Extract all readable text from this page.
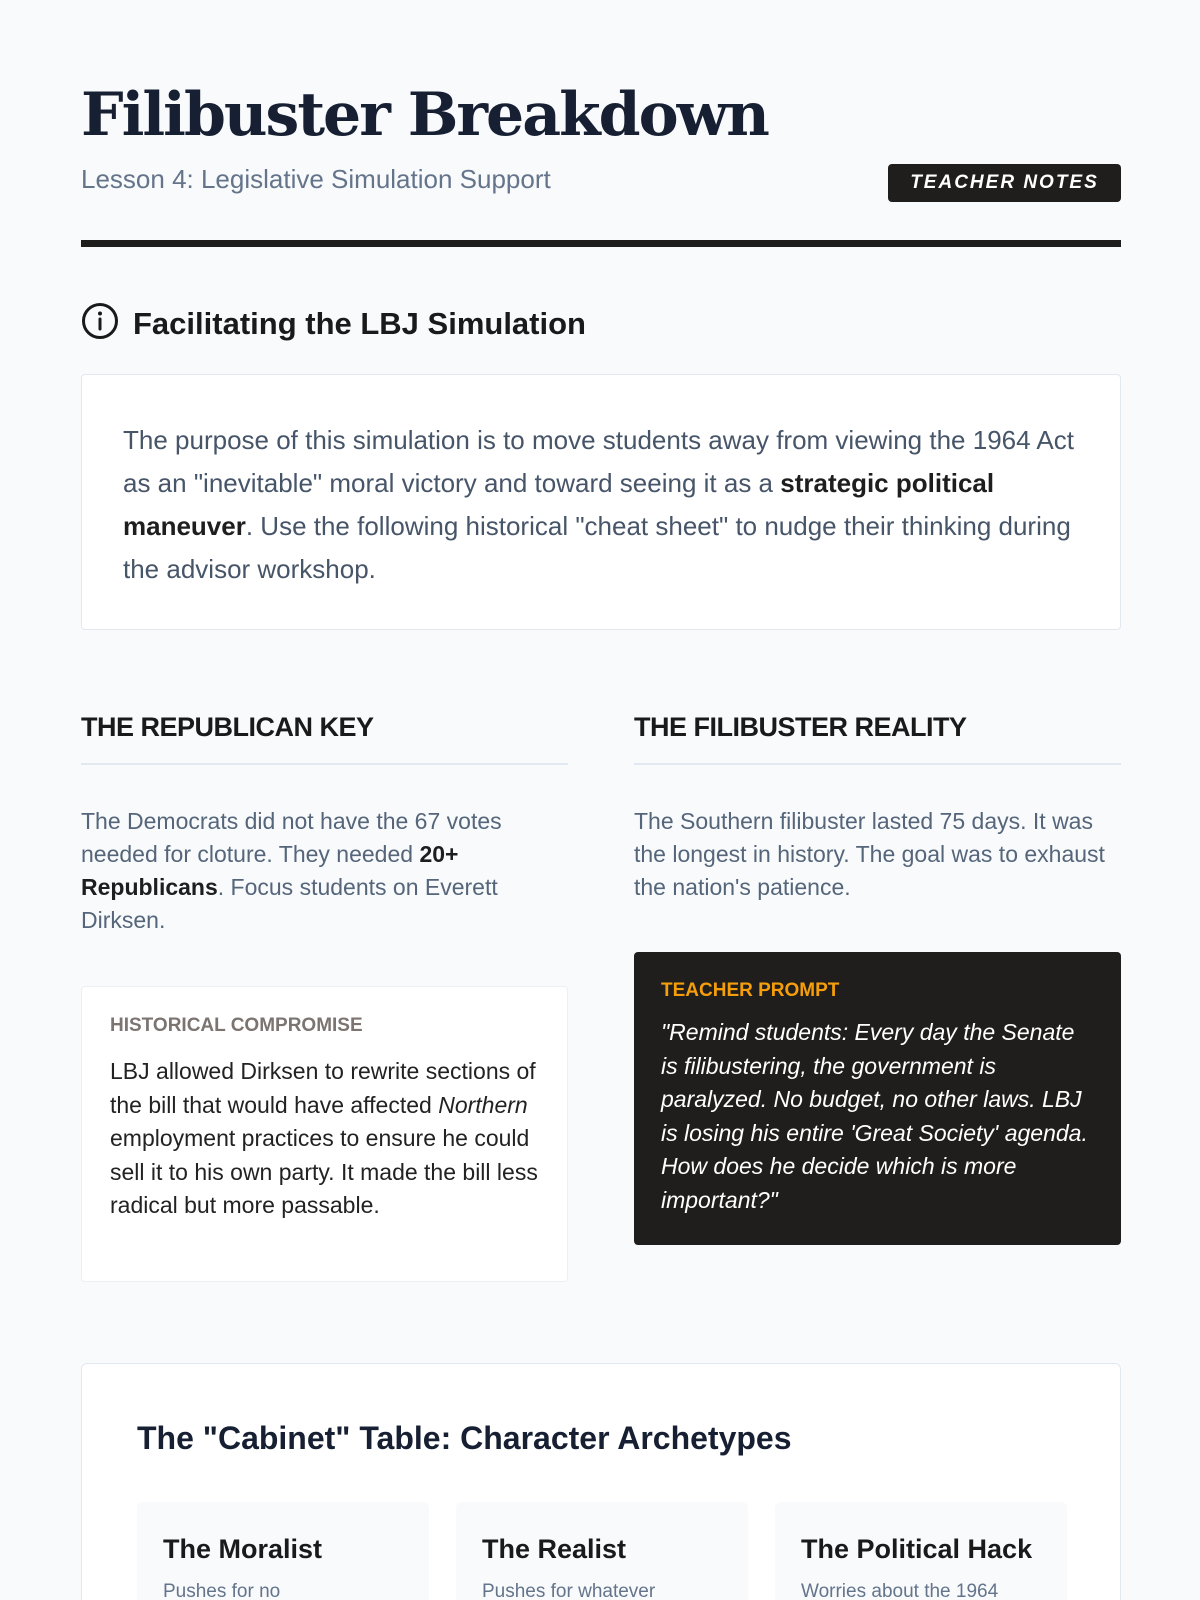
Filibuster Breakdown
Lesson 4: Legislative Simulation Support	TEACHER NOTES
Facilitating the LBJ Simulation

The purpose of this simulation is to move students away from viewing the 1964 Act as an "inevitable" moral victory and toward seeing it as a strategic political maneuver. Use the following historical "cheat sheet" to nudge their thinking during the advisor workshop.

THE REPUBLICAN KEY

The Democrats did not have the 67 votes needed for cloture. They needed 20+ Republicans. Focus students on Everett Dirksen.

HISTORICAL COMPROMISE

LBJ allowed Dirksen to rewrite sections of the bill that would have affected Northern employment practices to ensure he could sell it to his own party. It made the bill less radical but more passable.

THE FILIBUSTER REALITY

The Southern filibuster lasted 75 days. It was the longest in history. The goal was to exhaust the nation's patience.

TEACHER PROMPT

"Remind students: Every day the Senate is filibustering, the government is paralyzed. No budget, no other laws. LBJ is losing his entire 'Great Society' agenda. How does he decide which is more important?"

The "Cabinet" Table: Character Archetypes
The Moralist

Pushes for no

The Realist

Pushes for whatever

The Political Hack

Worries about the 1964
